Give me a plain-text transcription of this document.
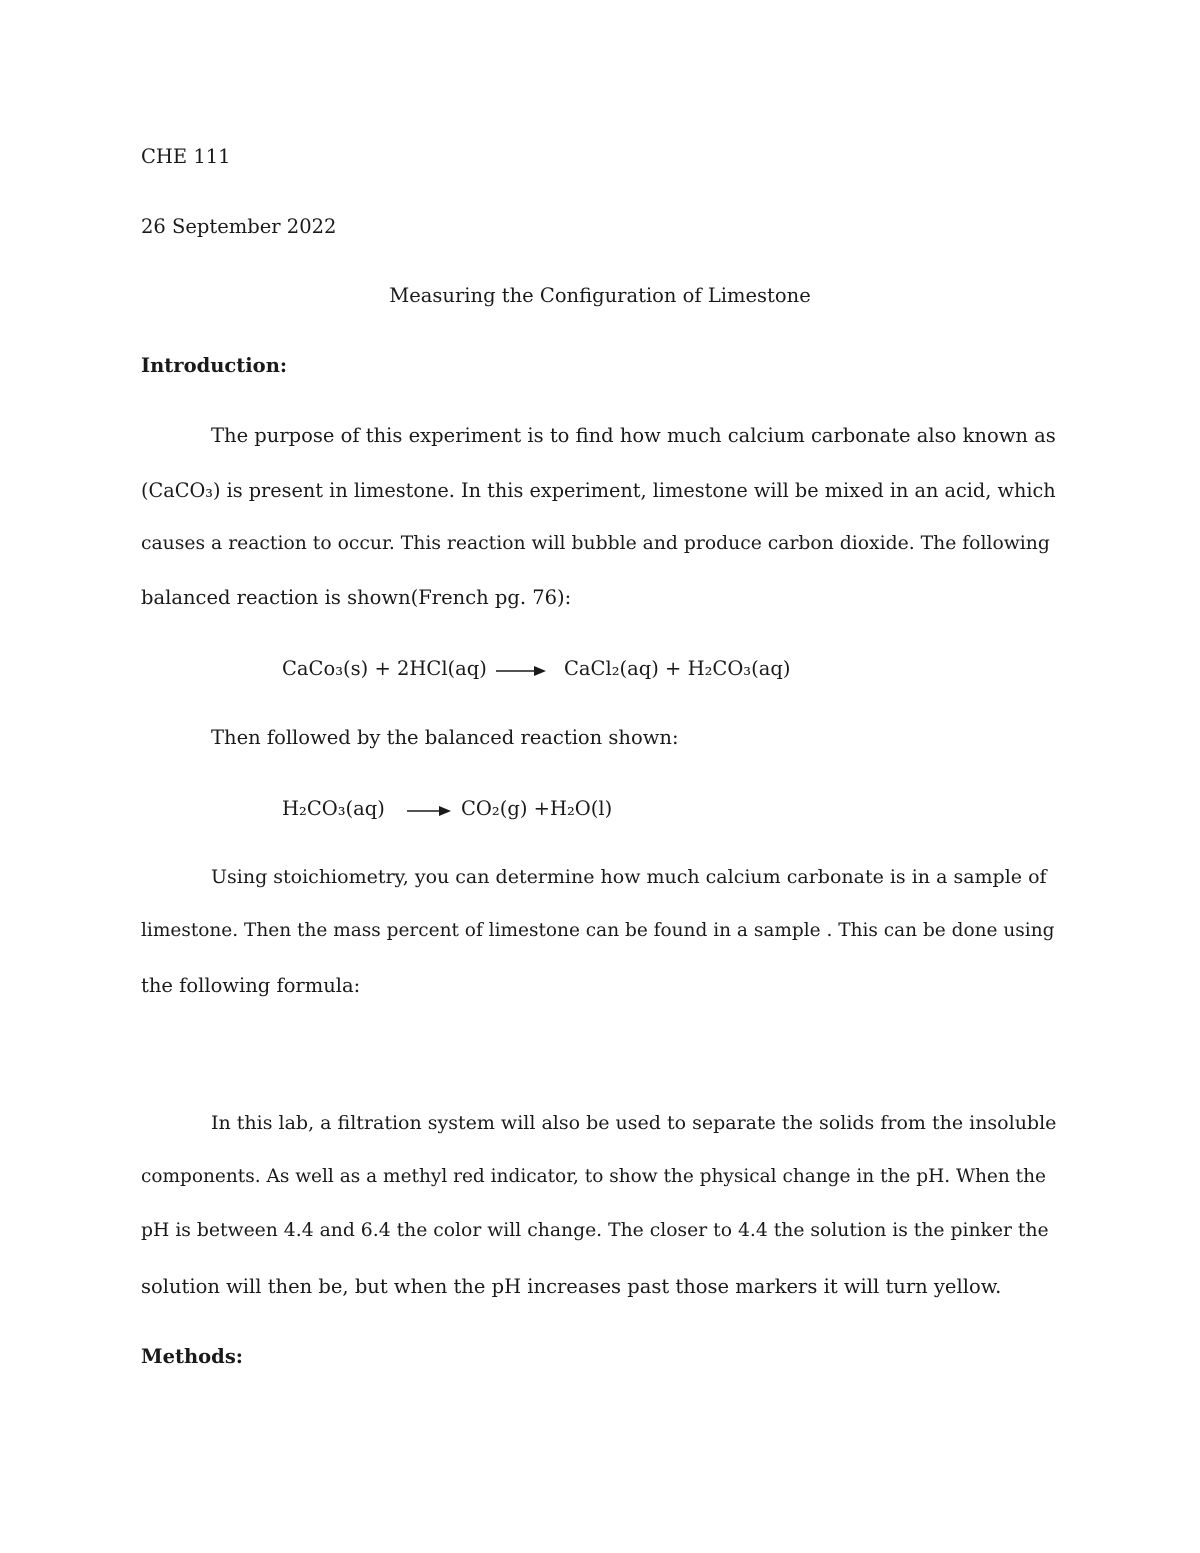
CHE 111
26 September 2022
Measuring the Configuration of Limestone
Introduction:
The purpose of this experiment is to find how much calcium carbonate also known as
(CaCO₃) is present in limestone. In this experiment, limestone will be mixed in an acid, which
causes a reaction to occur. This reaction will bubble and produce carbon dioxide. The following
balanced reaction is shown(French pg. 76):
CaCo₃(s) + 2HCl(aq) → CaCl₂(aq) + H₂CO₃(aq)
Then followed by the balanced reaction shown:
H₂CO₃(aq) → CO₂(g) +H₂O(l)
Using stoichiometry, you can determine how much calcium carbonate is in a sample of
limestone. Then the mass percent of limestone can be found in a sample . This can be done using
the following formula:
In this lab, a filtration system will also be used to separate the solids from the insoluble
components. As well as a methyl red indicator, to show the physical change in the pH. When the
pH is between 4.4 and 6.4 the color will change. The closer to 4.4 the solution is the pinker the
solution will then be, but when the pH increases past those markers it will turn yellow.
Methods:
